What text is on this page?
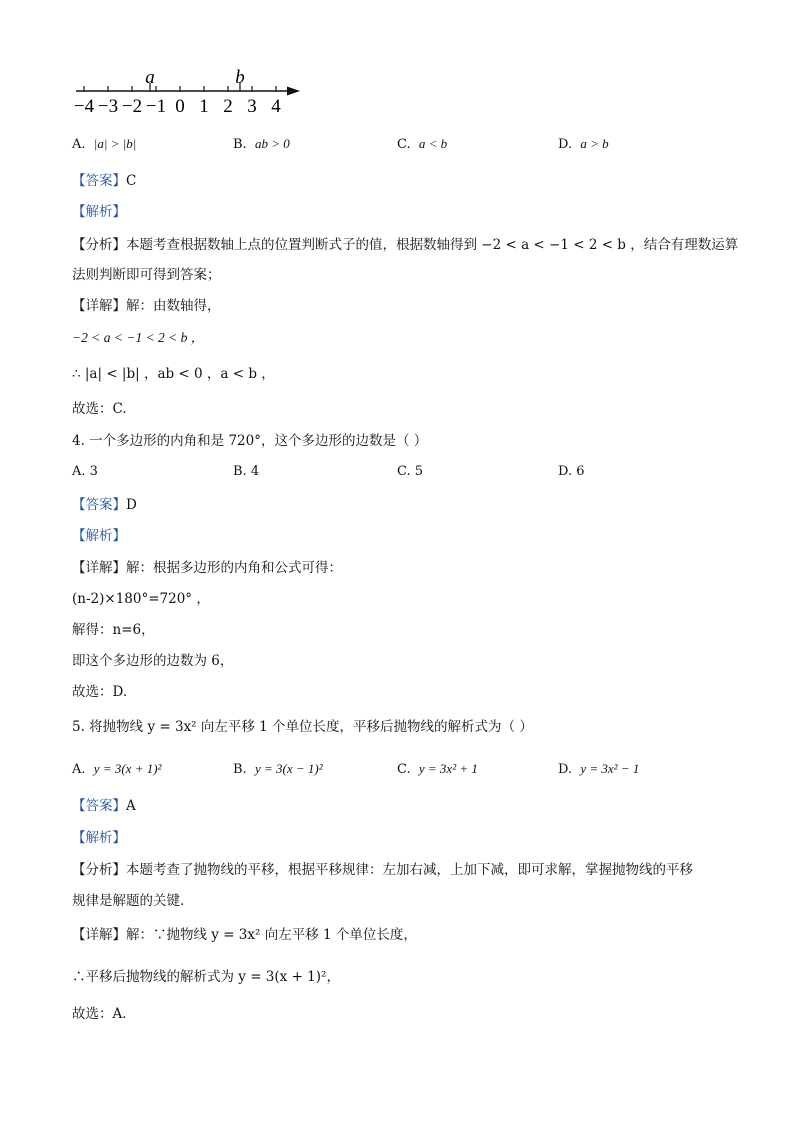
a	b
−4 −3 −2 −1 0 1 2 3 4
A. |a| > |b|	B. ab > 0	C. a < b	D. a > b
【答案】C
【解析】
【分析】本题考查根据数轴上点的位置判断式子的值，根据数轴得到 −2 < a < −1 < 2 < b ，结合有理数运算
法则判断即可得到答案；
【详解】解：由数轴得，
−2 < a < −1 < 2 < b ，
∴ |a| < |b| ，ab < 0 ，a < b ，
故选：C.
4. 一个多边形的内角和是 720°，这个多边形的边数是（ ）
A. 3	B. 4	C. 5	D. 6
【答案】D
【解析】
【详解】解：根据多边形的内角和公式可得：
(n-2)×180°=720° ，
解得：n=6，
即这个多边形的边数为 6，
故选：D.
5. 将抛物线 y = 3x² 向左平移 1 个单位长度，平移后抛物线的解析式为（ ）
A. y = 3(x + 1)²	B. y = 3(x − 1)²	C. y = 3x² + 1	D. y = 3x² − 1
【答案】A
【解析】
【分析】本题考查了抛物线的平移，根据平移规律：左加右减，上加下减，即可求解，掌握抛物线的平移
规律是解题的关键．
【详解】解：∵抛物线 y = 3x² 向左平移 1 个单位长度，
∴平移后抛物线的解析式为 y = 3(x + 1)²，
故选：A．
